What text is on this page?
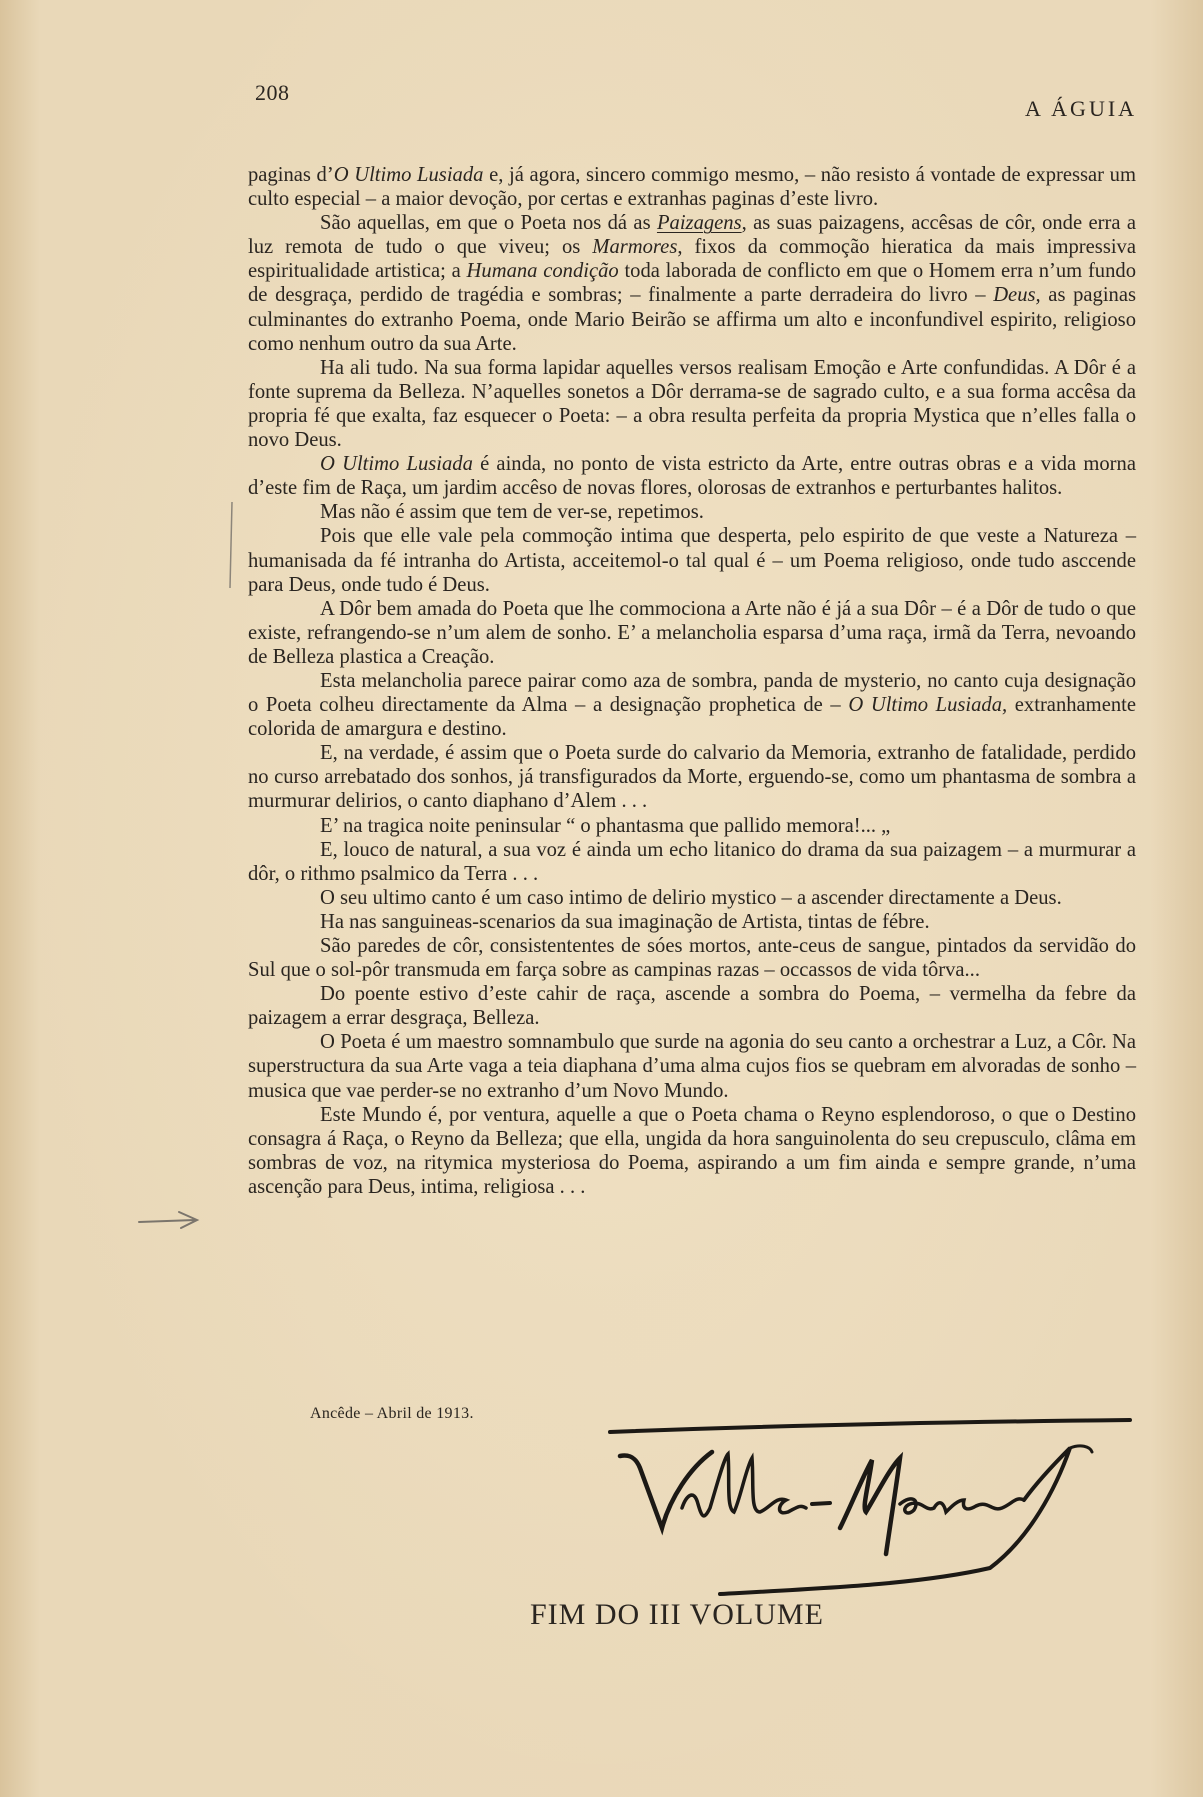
208
A ÁGUIA

paginas d’O Ultimo Lusiada e, já agora, sincero commigo mesmo, – não resisto á vontade de expressar um culto especial – a maior devoção, por certas e extranhas paginas d’este livro.

São aquellas, em que o Poeta nos dá as Paizagens, as suas paizagens, accêsas de côr, onde erra a luz remota de tudo o que viveu; os Marmores, fixos da commoção hieratica da mais impressiva espiritualidade artistica; a Humana condição toda laborada de conflicto em que o Homem erra n’um fundo de desgraça, perdido de tragédia e sombras; – finalmente a parte derradeira do livro – Deus, as paginas culminantes do extranho Poema, onde Mario Beirão se affirma um alto e inconfundivel espirito, religioso como nenhum outro da sua Arte.

Ha ali tudo. Na sua forma lapidar aquelles versos realisam Emoção e Arte confundidas. A Dôr é a fonte suprema da Belleza. N’aquelles sonetos a Dôr derrama-se de sagrado culto, e a sua forma accêsa da propria fé que exalta, faz esquecer o Poeta: – a obra resulta perfeita da propria Mystica que n’elles falla o novo Deus.

O Ultimo Lusiada é ainda, no ponto de vista estricto da Arte, entre outras obras e a vida morna d’este fim de Raça, um jardim accêso de novas flores, olorosas de extranhos e perturbantes halitos.

Mas não é assim que tem de ver-se, repetimos.

Pois que elle vale pela commoção intima que desperta, pelo espirito de que veste a Natureza – humanisada da fé intranha do Artista, acceitemol-o tal qual é – um Poema religioso, onde tudo asccende para Deus, onde tudo é Deus.

A Dôr bem amada do Poeta que lhe commociona a Arte não é já a sua Dôr – é a Dôr de tudo o que existe, refrangendo-se n’um alem de sonho. E’ a melancholia esparsa d’uma raça, irmã da Terra, nevoando de Belleza plastica a Creação.

Esta melancholia parece pairar como aza de sombra, panda de mysterio, no canto cuja designação o Poeta colheu directamente da Alma – a designação prophetica de – O Ultimo Lusiada, extranhamente colorida de amargura e destino.

E, na verdade, é assim que o Poeta surde do calvario da Memoria, extranho de fatalidade, perdido no curso arrebatado dos sonhos, já transfigurados da Morte, erguendo-se, como um phantasma de sombra a murmurar delirios, o canto diaphano d’Alem . . .

E’ na tragica noite peninsular “ o phantasma que pallido memora!... „

E, louco de natural, a sua voz é ainda um echo litanico do drama da sua paizagem – a murmurar a dôr, o rithmo psalmico da Terra . . .

O seu ultimo canto é um caso intimo de delirio mystico – a ascender directamente a Deus.

Ha nas sanguineas-scenarios da sua imaginação de Artista, tintas de fébre.

São paredes de côr, consistententes de sóes mortos, ante-ceus de sangue, pintados da servidão do Sul que o sol-pôr transmuda em farça sobre as campinas razas – occassos de vida tôrva...

Do poente estivo d’este cahir de raça, ascende a sombra do Poema, – vermelha da febre da paizagem a errar desgraça, Belleza.

O Poeta é um maestro somnambulo que surde na agonia do seu canto a orchestrar a Luz, a Côr. Na superstructura da sua Arte vaga a teia diaphana d’uma alma cujos fios se quebram em alvoradas de sonho – musica que vae perder-se no extranho d’um Novo Mundo.

Este Mundo é, por ventura, aquelle a que o Poeta chama o Reyno esplendoroso, o que o Destino consagra á Raça, o Reyno da Belleza; que ella, ungida da hora sanguinolenta do seu crepusculo, clâma em sombras de voz, na ritymica mysteriosa do Poema, aspirando a um fim ainda e sempre grande, n’uma ascenção para Deus, intima, religiosa . . .

Ancêde – Abril de 1913.
FIM DO III VOLUME
